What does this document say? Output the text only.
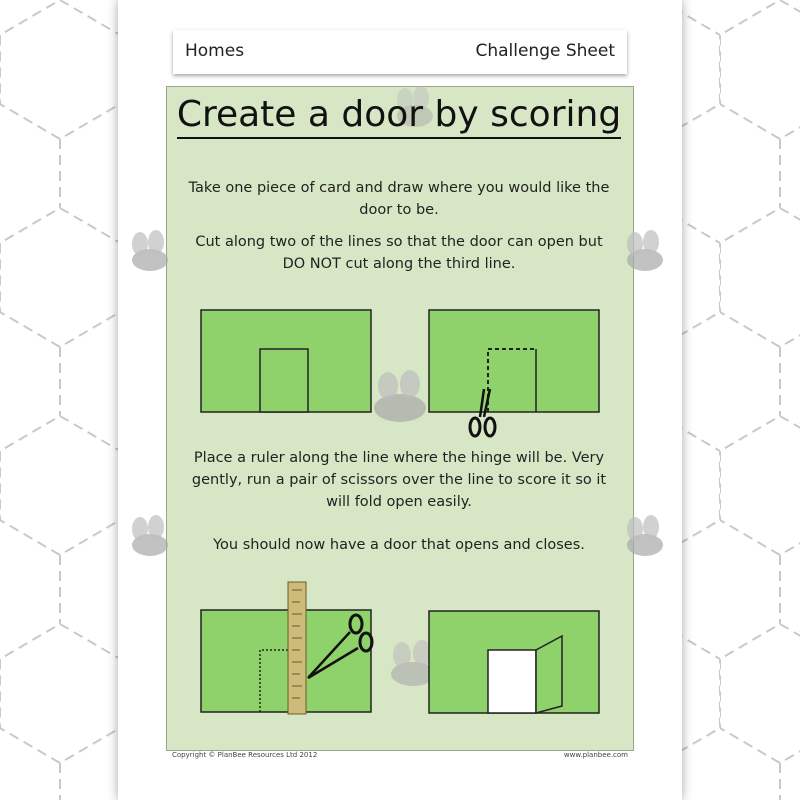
Homes	Challenge Sheet
Create a door by scoring
Take one piece of card and draw where you would like the door to be.
Cut along two of the lines so that the door can open but DO NOT cut along the third line.
Place a ruler along the line where the hinge will be. Very gently, run a pair of scissors over the line to score it so it will fold open easily.
You should now have a door that opens and closes.
Copyright © PlanBee Resources Ltd 2012	www.planbee.com
